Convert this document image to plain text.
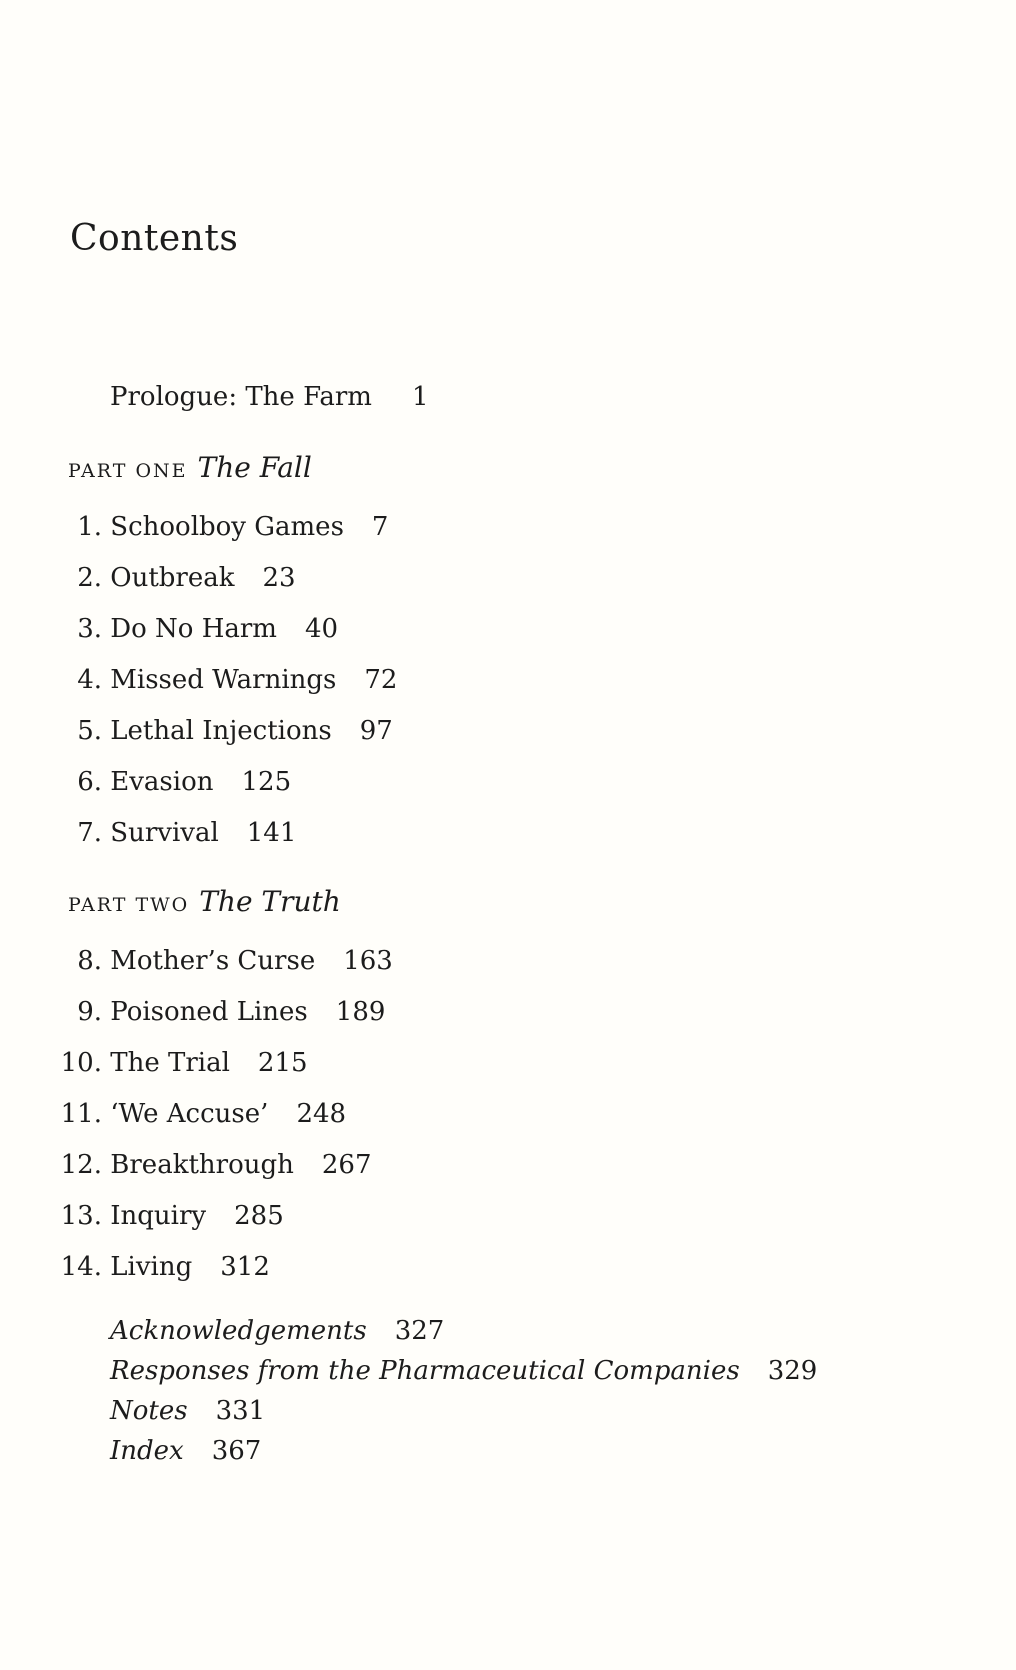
Contents
Prologue: The Farm 1
PART ONE The Fall
1. Schoolboy Games 7
2. Outbreak 23
3. Do No Harm 40
4. Missed Warnings 72
5. Lethal Injections 97
6. Evasion 125
7. Survival 141
PART TWO The Truth
8. Mother’s Curse 163
9. Poisoned Lines 189
10. The Trial 215
11. ‘We Accuse’ 248
12. Breakthrough 267
13. Inquiry 285
14. Living 312
Acknowledgements 327
Responses from the Pharmaceutical Companies 329
Notes 331
Index 367
